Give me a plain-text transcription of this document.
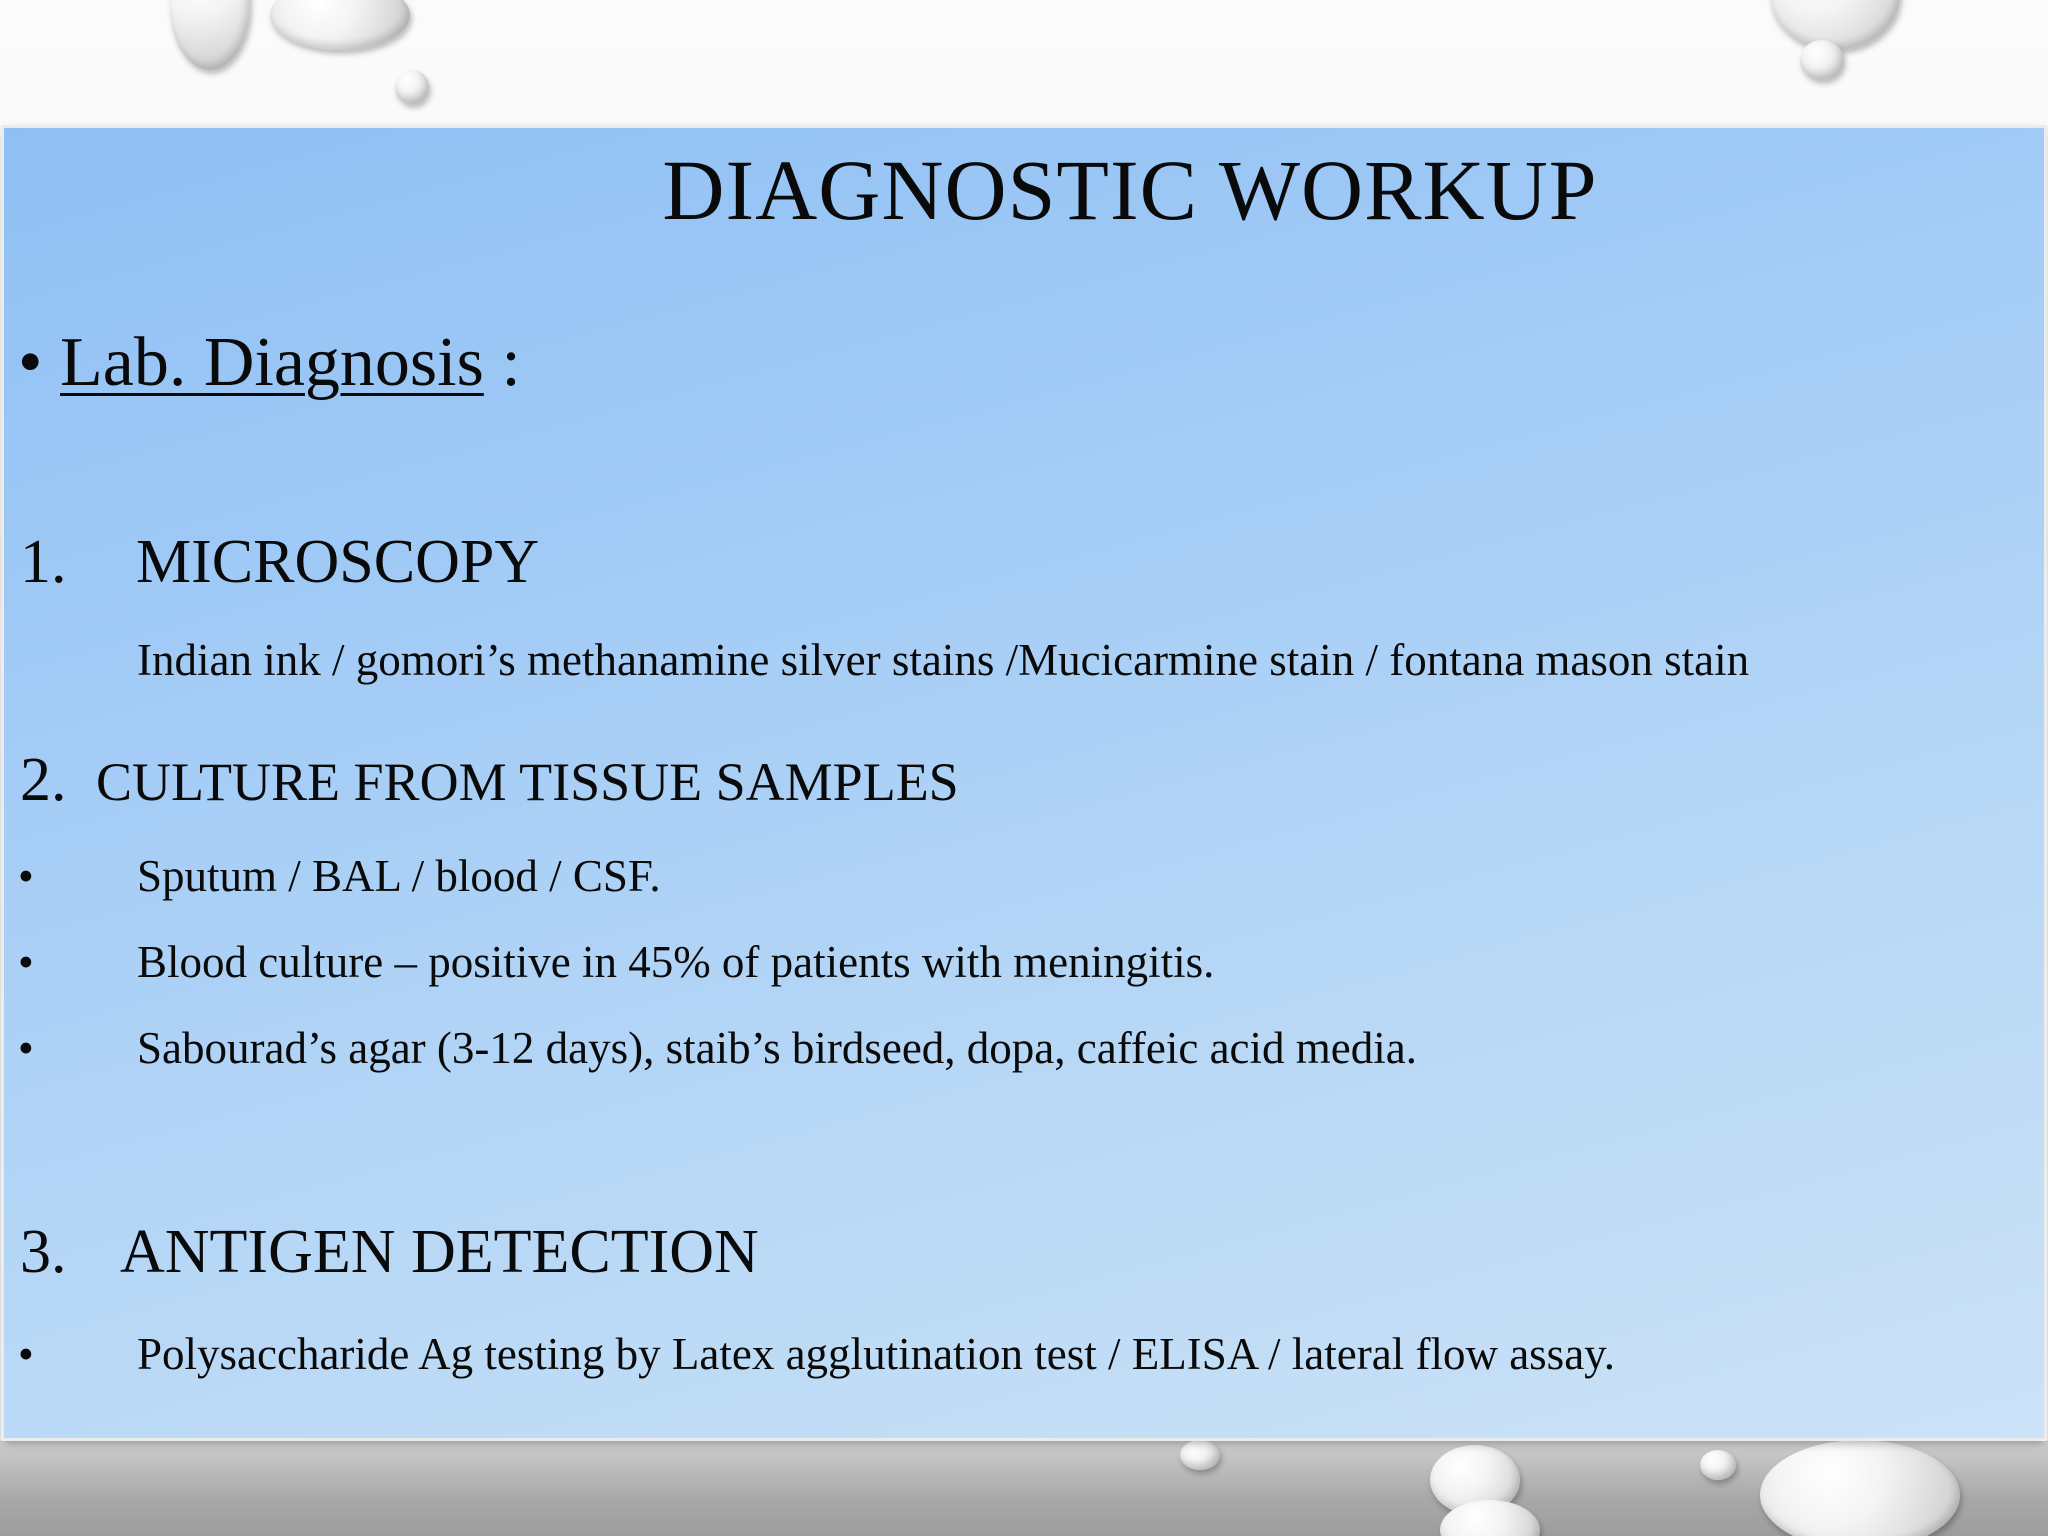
DIAGNOSTIC WORKUP
• Lab. Diagnosis :
1. MICROSCOPY
Indian ink / gomori’s methanamine silver stains /Mucicarmine stain / fontana mason stain
2. CULTURE FROM TISSUE SAMPLES
• Sputum / BAL / blood / CSF.
• Blood culture – positive in 45% of patients with meningitis.
• Sabourad’s agar (3-12 days), staib’s birdseed, dopa, caffeic acid media.
3. ANTIGEN DETECTION
• Polysaccharide Ag testing by Latex agglutination test / ELISA / lateral flow assay.
